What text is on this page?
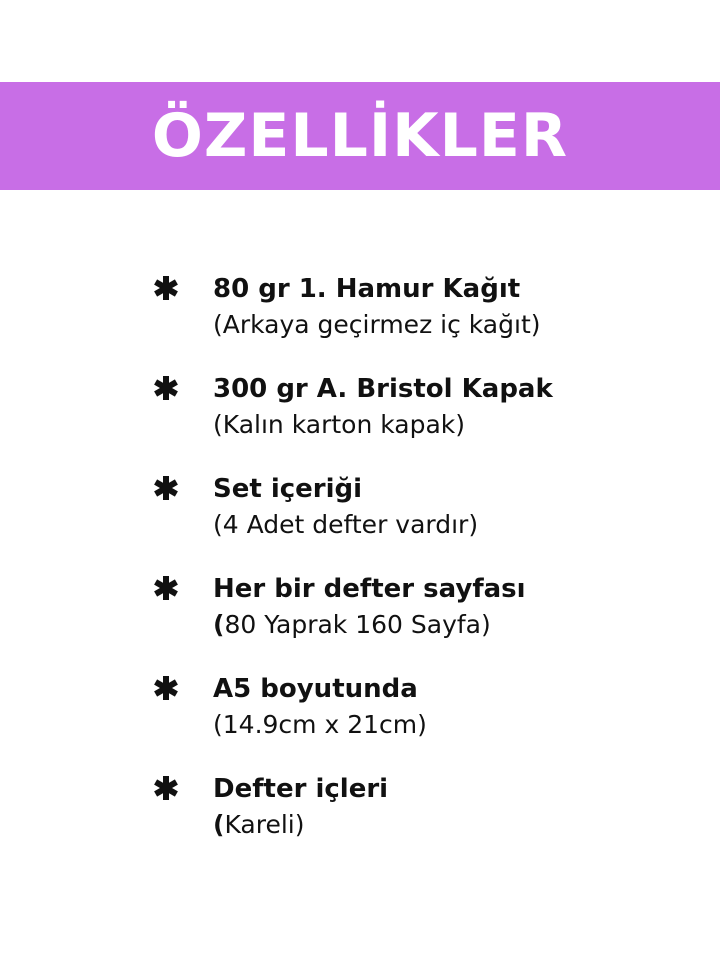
ÖZELLİKLER
80 gr 1. Hamur Kağıt
(Arkaya geçirmez iç kağıt)
300 gr A. Bristol Kapak
(Kalın karton kapak)
Set içeriği
(4 Adet defter vardır)
Her bir defter sayfası
(80 Yaprak 160 Sayfa)
A5 boyutunda
(14.9cm x 21cm)
Defter içleri
(Kareli)
